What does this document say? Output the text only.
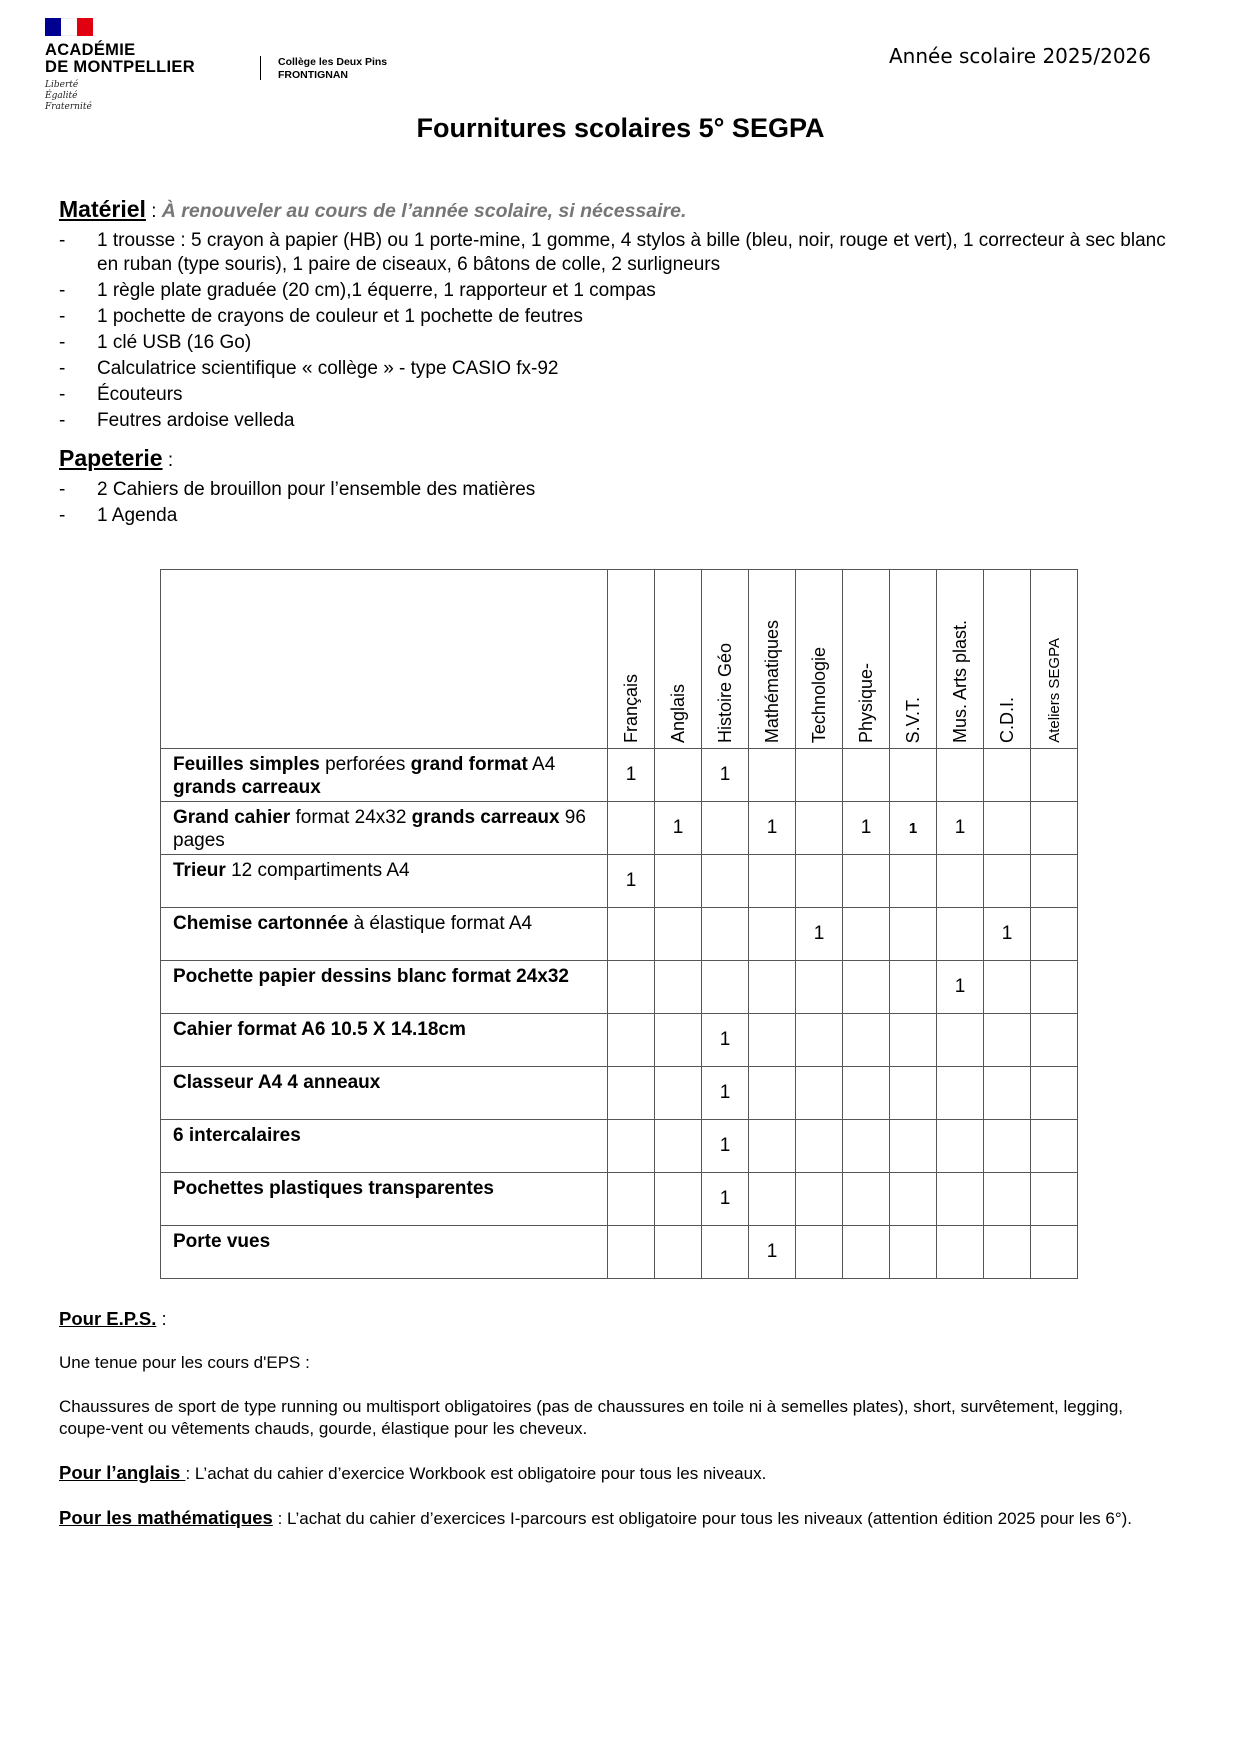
ACADÉMIE
DE MONTPELLIER
Liberté
Égalité
Fraternité
Collège les Deux Pins
FRONTIGNAN
Année scolaire 2025/2026
Fournitures scolaires 5° SEGPA

Matériel : À renouveler au cours de l’année scolaire, si nécessaire.

- 1 trousse : 5 crayon à papier (HB) ou 1 porte-mine, 1 gomme, 4 stylos à bille (bleu, noir, rouge et vert), 1 correcteur à sec blanc en ruban (type souris), 1 paire de ciseaux, 6 bâtons de colle, 2 surligneurs
- 1 règle plate graduée (20 cm),1 équerre, 1 rapporteur et 1 compas
- 1 pochette de crayons de couleur et 1 pochette de feutres
- 1 clé USB (16 Go)
- Calculatrice scientifique « collège » - type CASIO fx-92
- Écouteurs
- Feutres ardoise velleda

Papeterie :

- 2 Cahiers de brouillon pour l’ensemble des matières
- 1 Agenda
	Français	Anglais	Histoire Géo	Mathématiques	Technologie	Physique-	S.V.T.	Mus. Arts plast.	C.D.I.	Ateliers SEGPA
Feuilles simples perforées grand format A4 grands carreaux	1		1							
Grand cahier format 24x32 grands carreaux 96 pages		1		1		1	1	1		
Trieur 12 compartiments A4	1									
Chemise cartonnée à élastique format A4					1				1	
Pochette papier dessins blanc format 24x32								1		
Cahier format A6 10.5 X 14.18cm			1							
Classeur A4 4 anneaux			1							
6 intercalaires			1							
Pochettes plastiques transparentes			1							
Porte vues				1						

Pour E.P.S. :

Une tenue pour les cours d'EPS :

Chaussures de sport de type running ou multisport obligatoires (pas de chaussures en toile ni à semelles plates), short, survêtement, legging, coupe-vent ou vêtements chauds, gourde, élastique pour les cheveux.

Pour l’anglais : L’achat du cahier d’exercice Workbook est obligatoire pour tous les niveaux.

Pour les mathématiques : L’achat du cahier d’exercices I-parcours est obligatoire pour tous les niveaux (attention édition 2025 pour les 6°).
